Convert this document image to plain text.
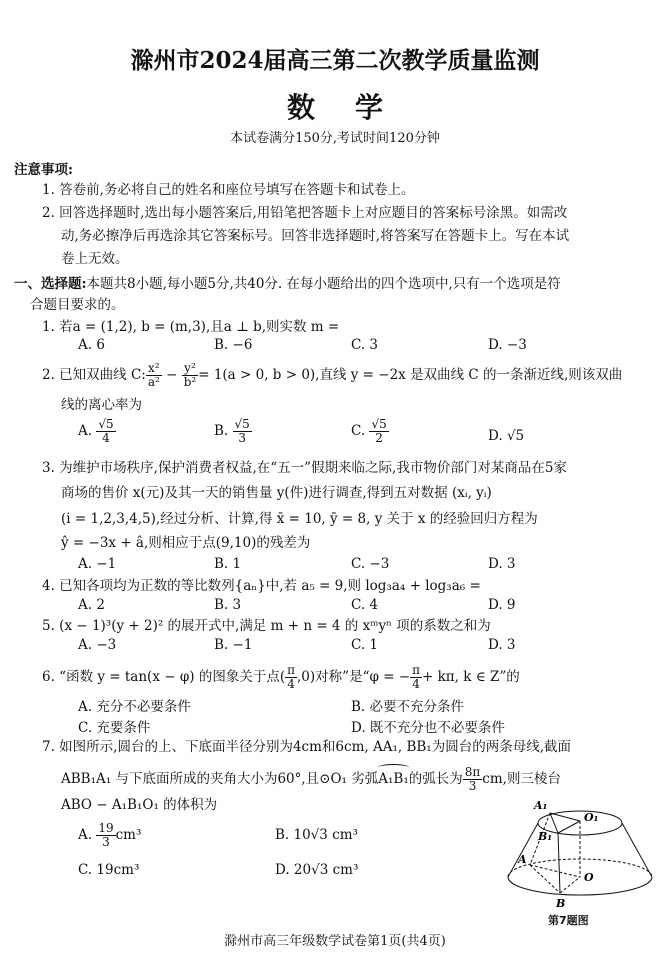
滁州市2024届高三第二次教学质量监测
数学
本试卷满分150分,考试时间120分钟
注意事项:
1. 答卷前,务必将自己的姓名和座位号填写在答题卡和试卷上。
2. 回答选择题时,选出每小题答案后,用铅笔把答题卡上对应题目的答案标号涂黑。如需改
动,务必擦净后再选涂其它答案标号。回答非选择题时,将答案写在答题卡上。写在本试
卷上无效。
一、选择题:本题共8小题,每小题5分,共40分. 在每小题给出的四个选项中,只有一个选项是符
合题目要求的。
1. 若a = (1,2), b = (m,3),且a ⊥ b,则实数 m =
A. 6	B. −6	C. 3	D. −3
2. 已知双曲线 C: $\frac{\text{x²}}{\text{a²}} - \frac{\text{y²}}{\text{b²}} = 1(a > 0$, b > 0),直线 y = −2x 是双曲线 C 的一条渐近线,则该双曲
线的离心率为
A. $\frac{√5}{4}$	B. $\frac{√5}{3}$	C. $\frac{√5}{2}$	D. √5
3. 为维护市场秩序,保护消费者权益,在“五一”假期来临之际,我市物价部门对某商品在5家
商场的售价 x(元)及其一天的销售量 y(件)进行调查,得到五对数据 (xᵢ, yᵢ)
(i = 1,2,3,4,5),经过分析、计算,得 x̄ = 10, ȳ = 8, y 关于 x 的经验回归方程为
ŷ = −3x + â,则相应于点(9,10)的残差为
A. −1	B. 1	C. −3	D. 3
4. 已知各项均为正数的等比数列{aₙ}中,若 a₅ = 9,则 log₃a₄ + log₃a₆ =
A. 2	B. 3	C. 4	D. 9
5. (x − 1)³(y + 2)² 的展开式中,满足 m + n = 4 的 xᵐyⁿ 项的系数之和为
A. −3	B. −1	C. 1	D. 3
6. “函数 y = tan(x − φ) 的图象关于点( $\frac{\pi}{4} ,0$)对称”是“φ = − $\frac{\pi}{4} + k\pi$, k ∈ Z”的
A. 充分不必要条件	B. 必要不充分条件
C. 充要条件	D. 既不充分也不必要条件
7. 如图所示,圆台的上、下底面半径分别为4cm和6cm, AA₁, BB₁为圆台的两条母线,截面
ABB₁A₁ 与下底面所成的夹角大小为60°,且⊙O₁ 劣弧
A₁B₁的弧长为 $\frac{8\pi}{3}$ cm,则三棱台
ABO − A₁B₁O₁ 的体积为
A. $\frac{19}{3} cm^3$	B. 10√3 cm³
C. 19cm³	D. 20√3 cm³
A₁
O₁
B₁
A
O
B
第7题图
滁州市高三年级数学试卷第1页(共4页)
